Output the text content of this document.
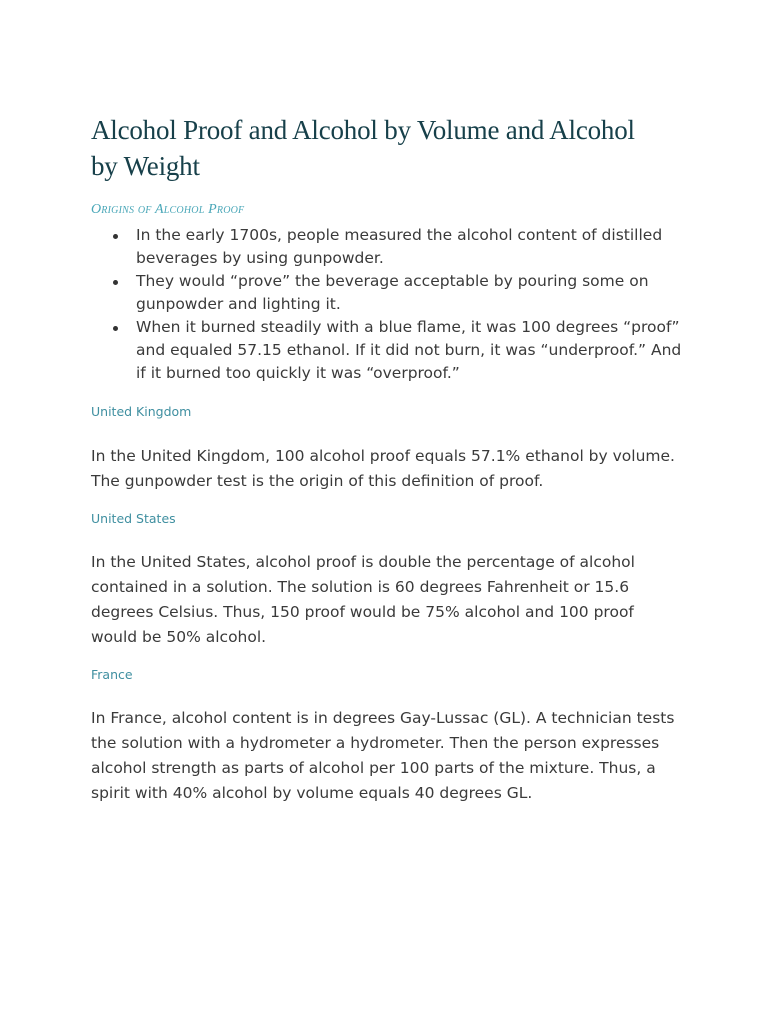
Alcohol Proof and Alcohol by Volume and Alcohol by Weight
Origins of Alcohol Proof
In the early 1700s, people measured the alcohol content of distilled beverages by using gunpowder.
They would “prove” the beverage acceptable by pouring some on gunpowder and lighting it.
When it burned steadily with a blue flame, it was 100 degrees “proof” and equaled 57.15 ethanol. If it did not burn, it was “underproof.” And if it burned too quickly it was “overproof.”
United Kingdom

In the United Kingdom, 100 alcohol proof equals 57.1% ethanol by volume. The gunpowder test is the origin of this definition of proof.

United States

In the United States, alcohol proof is double the percentage of alcohol contained in a solution. The solution is 60 degrees Fahrenheit or 15.6 degrees Celsius. Thus, 150 proof would be 75% alcohol and 100 proof would be 50% alcohol.

France

In France, alcohol content is in degrees Gay-Lussac (GL). A technician tests the solution with a hydrometer a hydrometer. Then the person expresses alcohol strength as parts of alcohol per 100 parts of the mixture. Thus, a spirit with 40% alcohol by volume equals 40 degrees GL.
